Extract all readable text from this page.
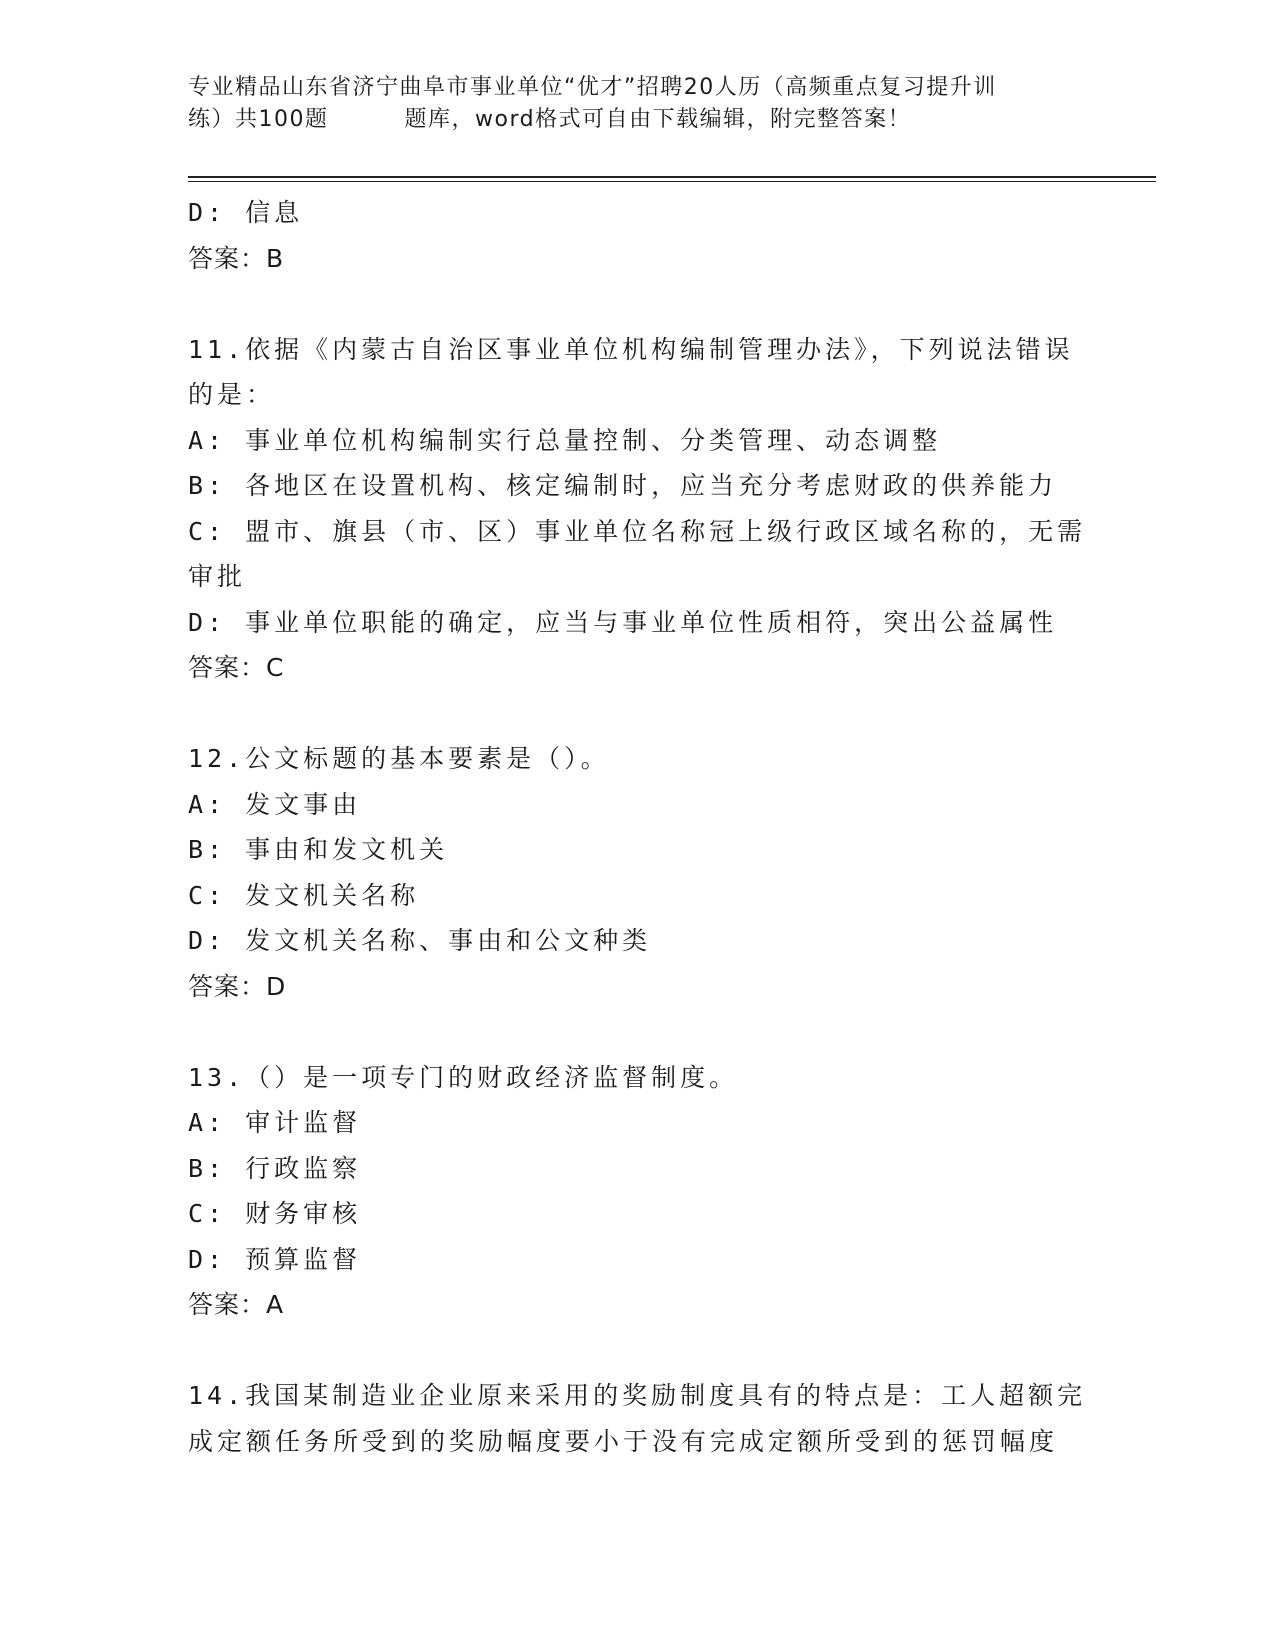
专业精品山东省济宁曲阜市事业单位“优才”招聘20人历（高频重点复习提升训
练）共100题	题库，word格式可自由下载编辑，附完整答案！
D: 信息
答案：B
11.依据《内蒙古自治区事业单位机构编制管理办法》，下列说法错误
的是：
A: 事业单位机构编制实行总量控制、分类管理、动态调整
B: 各地区在设置机构、核定编制时，应当充分考虑财政的供养能力
C: 盟市、旗县（市、区）事业单位名称冠上级行政区域名称的，无需
审批
D: 事业单位职能的确定，应当与事业单位性质相符，突出公益属性
答案：C
12.公文标题的基本要素是（）。
A: 发文事由
B: 事由和发文机关
C: 发文机关名称
D: 发文机关名称、事由和公文种类
答案：D
13.（）是一项专门的财政经济监督制度。
A: 审计监督
B: 行政监察
C: 财务审核
D: 预算监督
答案：A
14.我国某制造业企业原来采用的奖励制度具有的特点是：工人超额完
成定额任务所受到的奖励幅度要小于没有完成定额所受到的惩罚幅度
